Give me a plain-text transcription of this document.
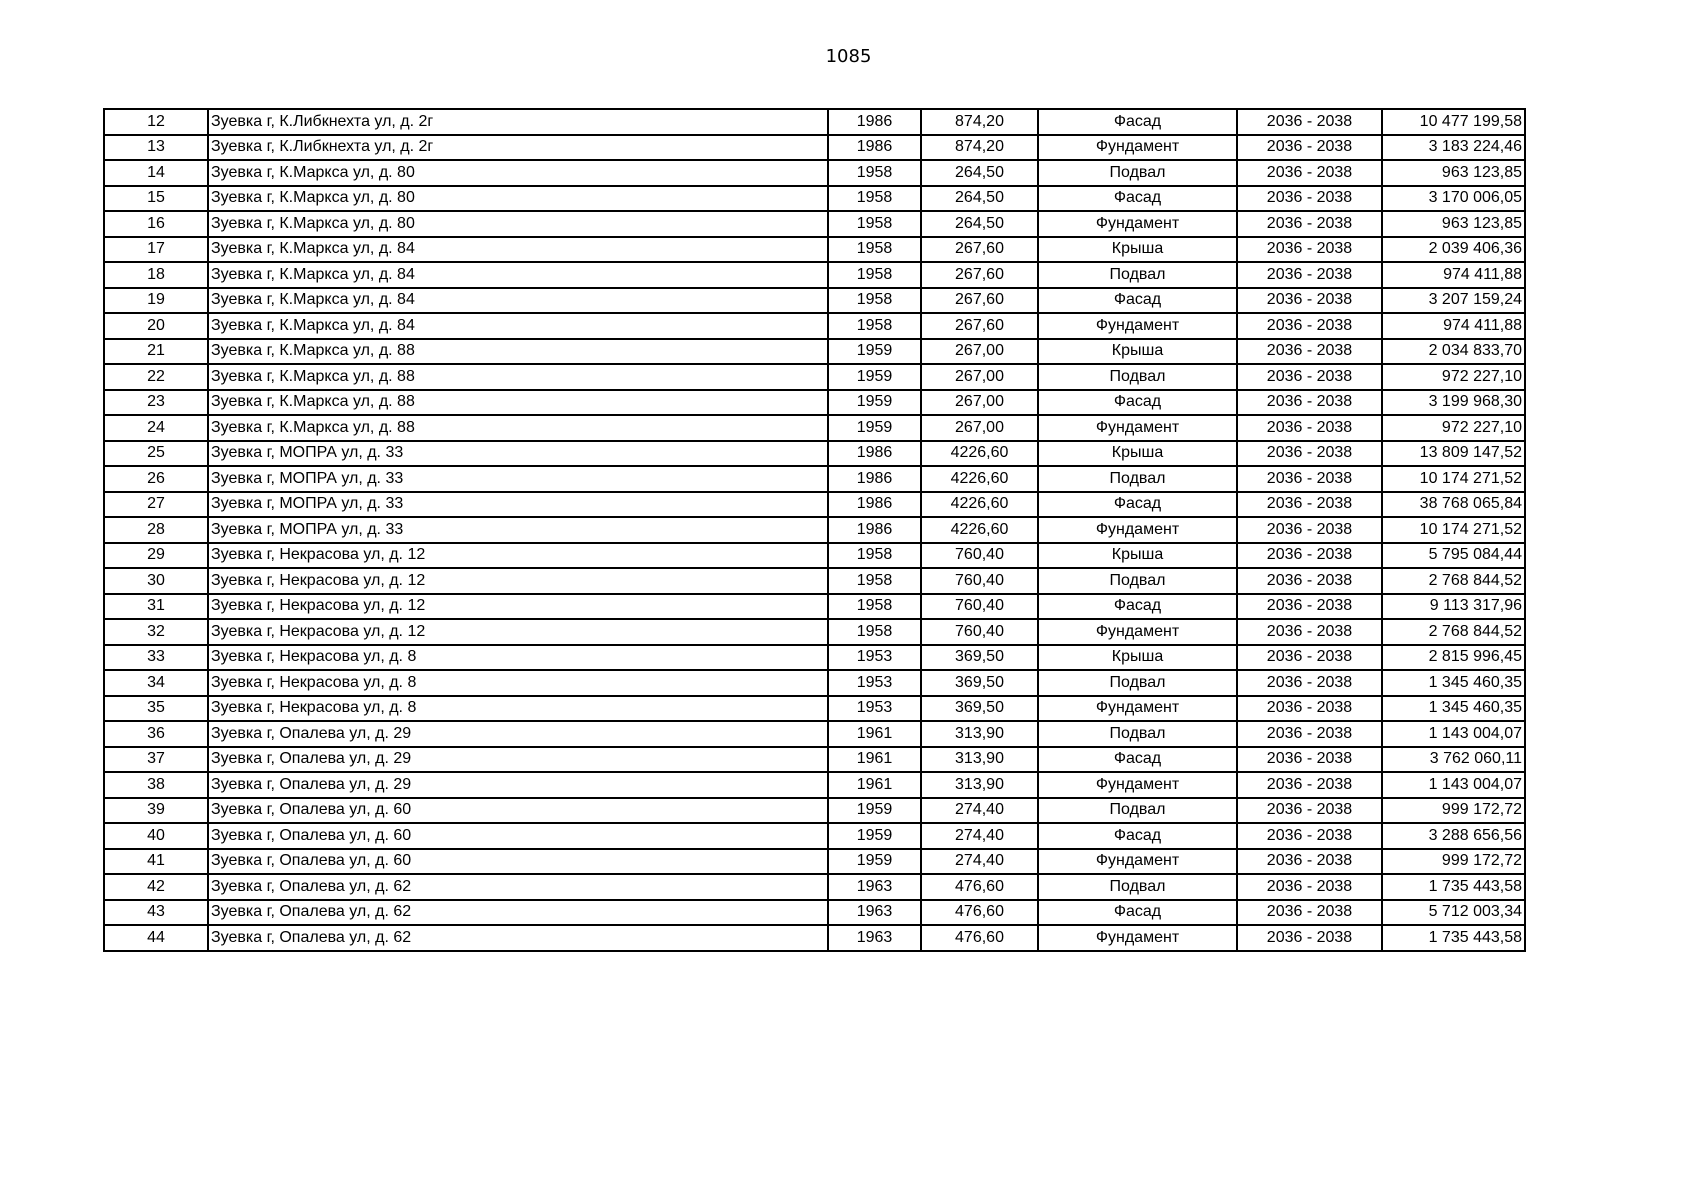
1085
12	Зуевка г, К.Либкнехта ул, д. 2г	1986	874,20	Фасад	2036 - 2038	10 477 199,58
13	Зуевка г, К.Либкнехта ул, д. 2г	1986	874,20	Фундамент	2036 - 2038	3 183 224,46
14	Зуевка г, К.Маркса ул, д. 80	1958	264,50	Подвал	2036 - 2038	963 123,85
15	Зуевка г, К.Маркса ул, д. 80	1958	264,50	Фасад	2036 - 2038	3 170 006,05
16	Зуевка г, К.Маркса ул, д. 80	1958	264,50	Фундамент	2036 - 2038	963 123,85
17	Зуевка г, К.Маркса ул, д. 84	1958	267,60	Крыша	2036 - 2038	2 039 406,36
18	Зуевка г, К.Маркса ул, д. 84	1958	267,60	Подвал	2036 - 2038	974 411,88
19	Зуевка г, К.Маркса ул, д. 84	1958	267,60	Фасад	2036 - 2038	3 207 159,24
20	Зуевка г, К.Маркса ул, д. 84	1958	267,60	Фундамент	2036 - 2038	974 411,88
21	Зуевка г, К.Маркса ул, д. 88	1959	267,00	Крыша	2036 - 2038	2 034 833,70
22	Зуевка г, К.Маркса ул, д. 88	1959	267,00	Подвал	2036 - 2038	972 227,10
23	Зуевка г, К.Маркса ул, д. 88	1959	267,00	Фасад	2036 - 2038	3 199 968,30
24	Зуевка г, К.Маркса ул, д. 88	1959	267,00	Фундамент	2036 - 2038	972 227,10
25	Зуевка г, МОПРА ул, д. 33	1986	4226,60	Крыша	2036 - 2038	13 809 147,52
26	Зуевка г, МОПРА ул, д. 33	1986	4226,60	Подвал	2036 - 2038	10 174 271,52
27	Зуевка г, МОПРА ул, д. 33	1986	4226,60	Фасад	2036 - 2038	38 768 065,84
28	Зуевка г, МОПРА ул, д. 33	1986	4226,60	Фундамент	2036 - 2038	10 174 271,52
29	Зуевка г, Некрасова ул, д. 12	1958	760,40	Крыша	2036 - 2038	5 795 084,44
30	Зуевка г, Некрасова ул, д. 12	1958	760,40	Подвал	2036 - 2038	2 768 844,52
31	Зуевка г, Некрасова ул, д. 12	1958	760,40	Фасад	2036 - 2038	9 113 317,96
32	Зуевка г, Некрасова ул, д. 12	1958	760,40	Фундамент	2036 - 2038	2 768 844,52
33	Зуевка г, Некрасова ул, д. 8	1953	369,50	Крыша	2036 - 2038	2 815 996,45
34	Зуевка г, Некрасова ул, д. 8	1953	369,50	Подвал	2036 - 2038	1 345 460,35
35	Зуевка г, Некрасова ул, д. 8	1953	369,50	Фундамент	2036 - 2038	1 345 460,35
36	Зуевка г, Опалева ул, д. 29	1961	313,90	Подвал	2036 - 2038	1 143 004,07
37	Зуевка г, Опалева ул, д. 29	1961	313,90	Фасад	2036 - 2038	3 762 060,11
38	Зуевка г, Опалева ул, д. 29	1961	313,90	Фундамент	2036 - 2038	1 143 004,07
39	Зуевка г, Опалева ул, д. 60	1959	274,40	Подвал	2036 - 2038	999 172,72
40	Зуевка г, Опалева ул, д. 60	1959	274,40	Фасад	2036 - 2038	3 288 656,56
41	Зуевка г, Опалева ул, д. 60	1959	274,40	Фундамент	2036 - 2038	999 172,72
42	Зуевка г, Опалева ул, д. 62	1963	476,60	Подвал	2036 - 2038	1 735 443,58
43	Зуевка г, Опалева ул, д. 62	1963	476,60	Фасад	2036 - 2038	5 712 003,34
44	Зуевка г, Опалева ул, д. 62	1963	476,60	Фундамент	2036 - 2038	1 735 443,58
